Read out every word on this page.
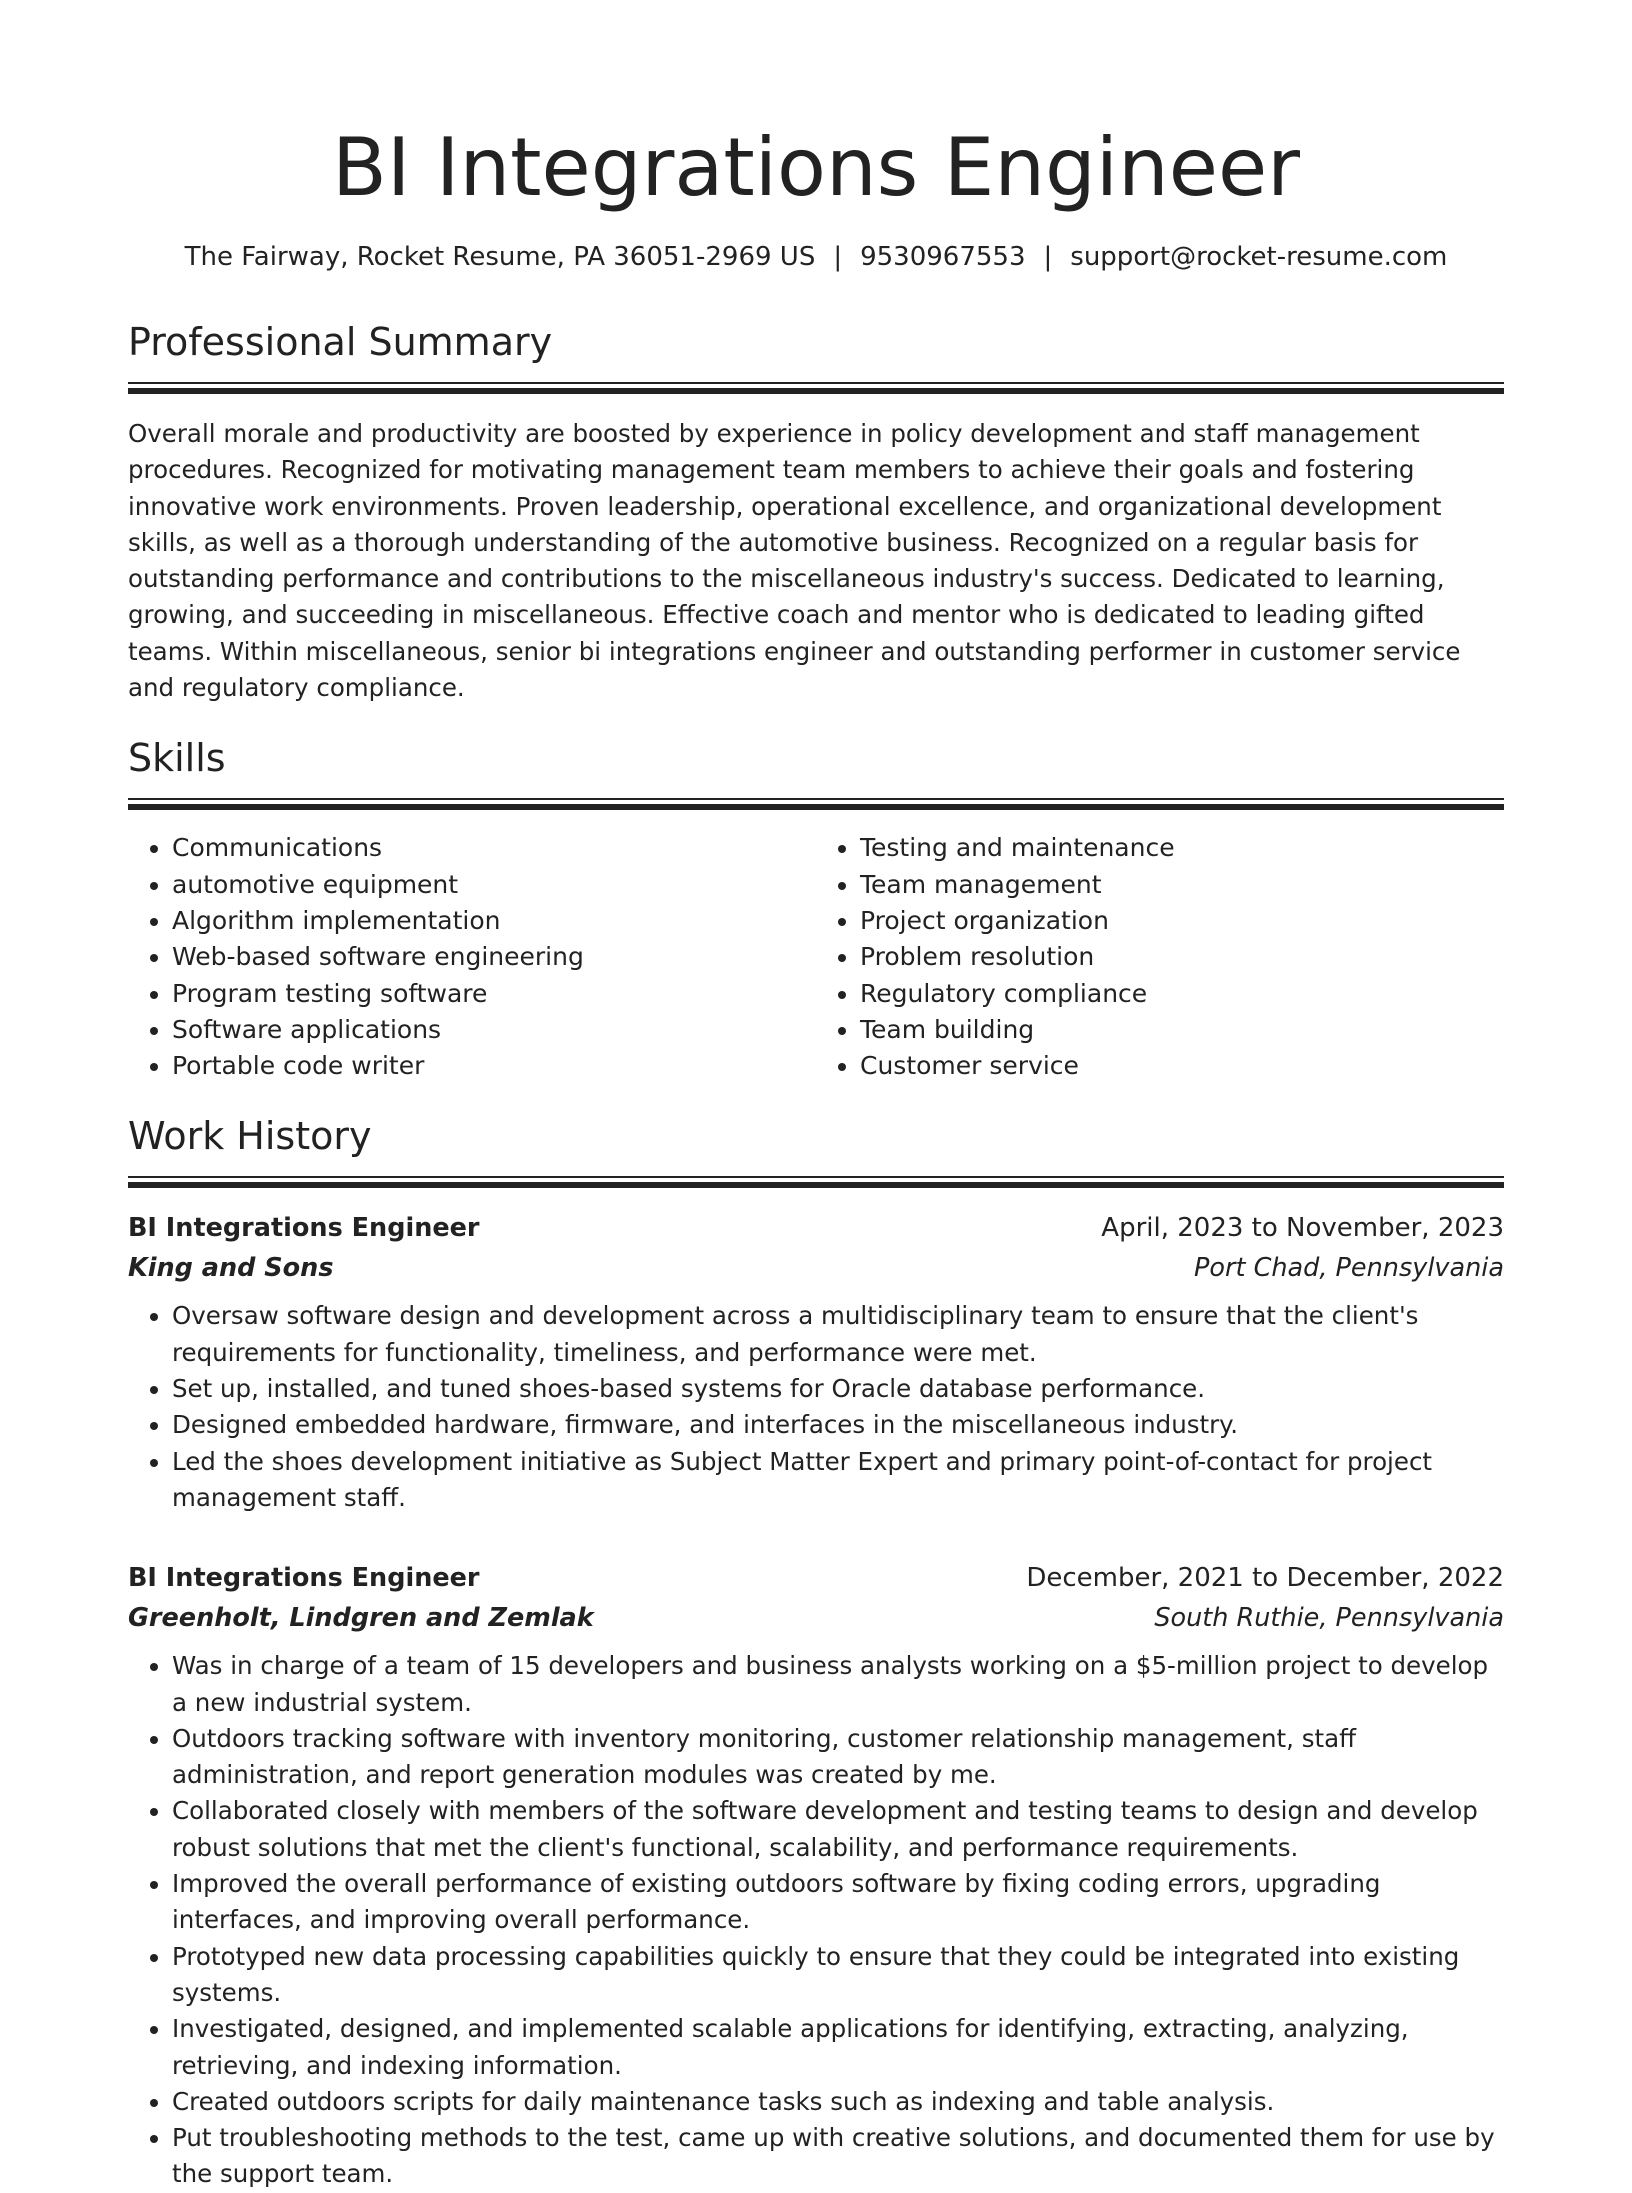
BI Integrations Engineer
The Fairway, Rocket Resume, PA 36051-2969 US | 9530967553 | support@rocket-resume.com
Professional Summary

Overall morale and productivity are boosted by experience in policy development and staff management procedures. Recognized for motivating management team members to achieve their goals and fostering innovative work environments. Proven leadership, operational excellence, and organizational development skills, as well as a thorough understanding of the automotive business. Recognized on a regular basis for outstanding performance and contributions to the miscellaneous industry's success. Dedicated to learning, growing, and succeeding in miscellaneous. Effective coach and mentor who is dedicated to leading gifted teams. Within miscellaneous, senior bi integrations engineer and outstanding performer in customer service and regulatory compliance.

Skills
• Communications
• automotive equipment
• Algorithm implementation
• Web-based software engineering
• Program testing software
• Software applications
• Portable code writer
• Testing and maintenance
• Team management
• Project organization
• Problem resolution
• Regulatory compliance
• Team building
• Customer service
Work History
BI Integrations Engineer	April, 2023 to November, 2023
King and Sons	Port Chad, Pennsylvania
• Oversaw software design and development across a multidisciplinary team to ensure that the client's requirements for functionality, timeliness, and performance were met.
• Set up, installed, and tuned shoes-based systems for Oracle database performance.
• Designed embedded hardware, firmware, and interfaces in the miscellaneous industry.
• Led the shoes development initiative as Subject Matter Expert and primary point-of-contact for project management staff.
BI Integrations Engineer	December, 2021 to December, 2022
Greenholt, Lindgren and Zemlak	South Ruthie, Pennsylvania
• Was in charge of a team of 15 developers and business analysts working on a $5-million project to develop a new industrial system.
• Outdoors tracking software with inventory monitoring, customer relationship management, staff administration, and report generation modules was created by me.
• Collaborated closely with members of the software development and testing teams to design and develop robust solutions that met the client's functional, scalability, and performance requirements.
• Improved the overall performance of existing outdoors software by fixing coding errors, upgrading interfaces, and improving overall performance.
• Prototyped new data processing capabilities quickly to ensure that they could be integrated into existing systems.
• Investigated, designed, and implemented scalable applications for identifying, extracting, analyzing, retrieving, and indexing information.
• Created outdoors scripts for daily maintenance tasks such as indexing and table analysis.
• Put troubleshooting methods to the test, came up with creative solutions, and documented them for use by the support team.
